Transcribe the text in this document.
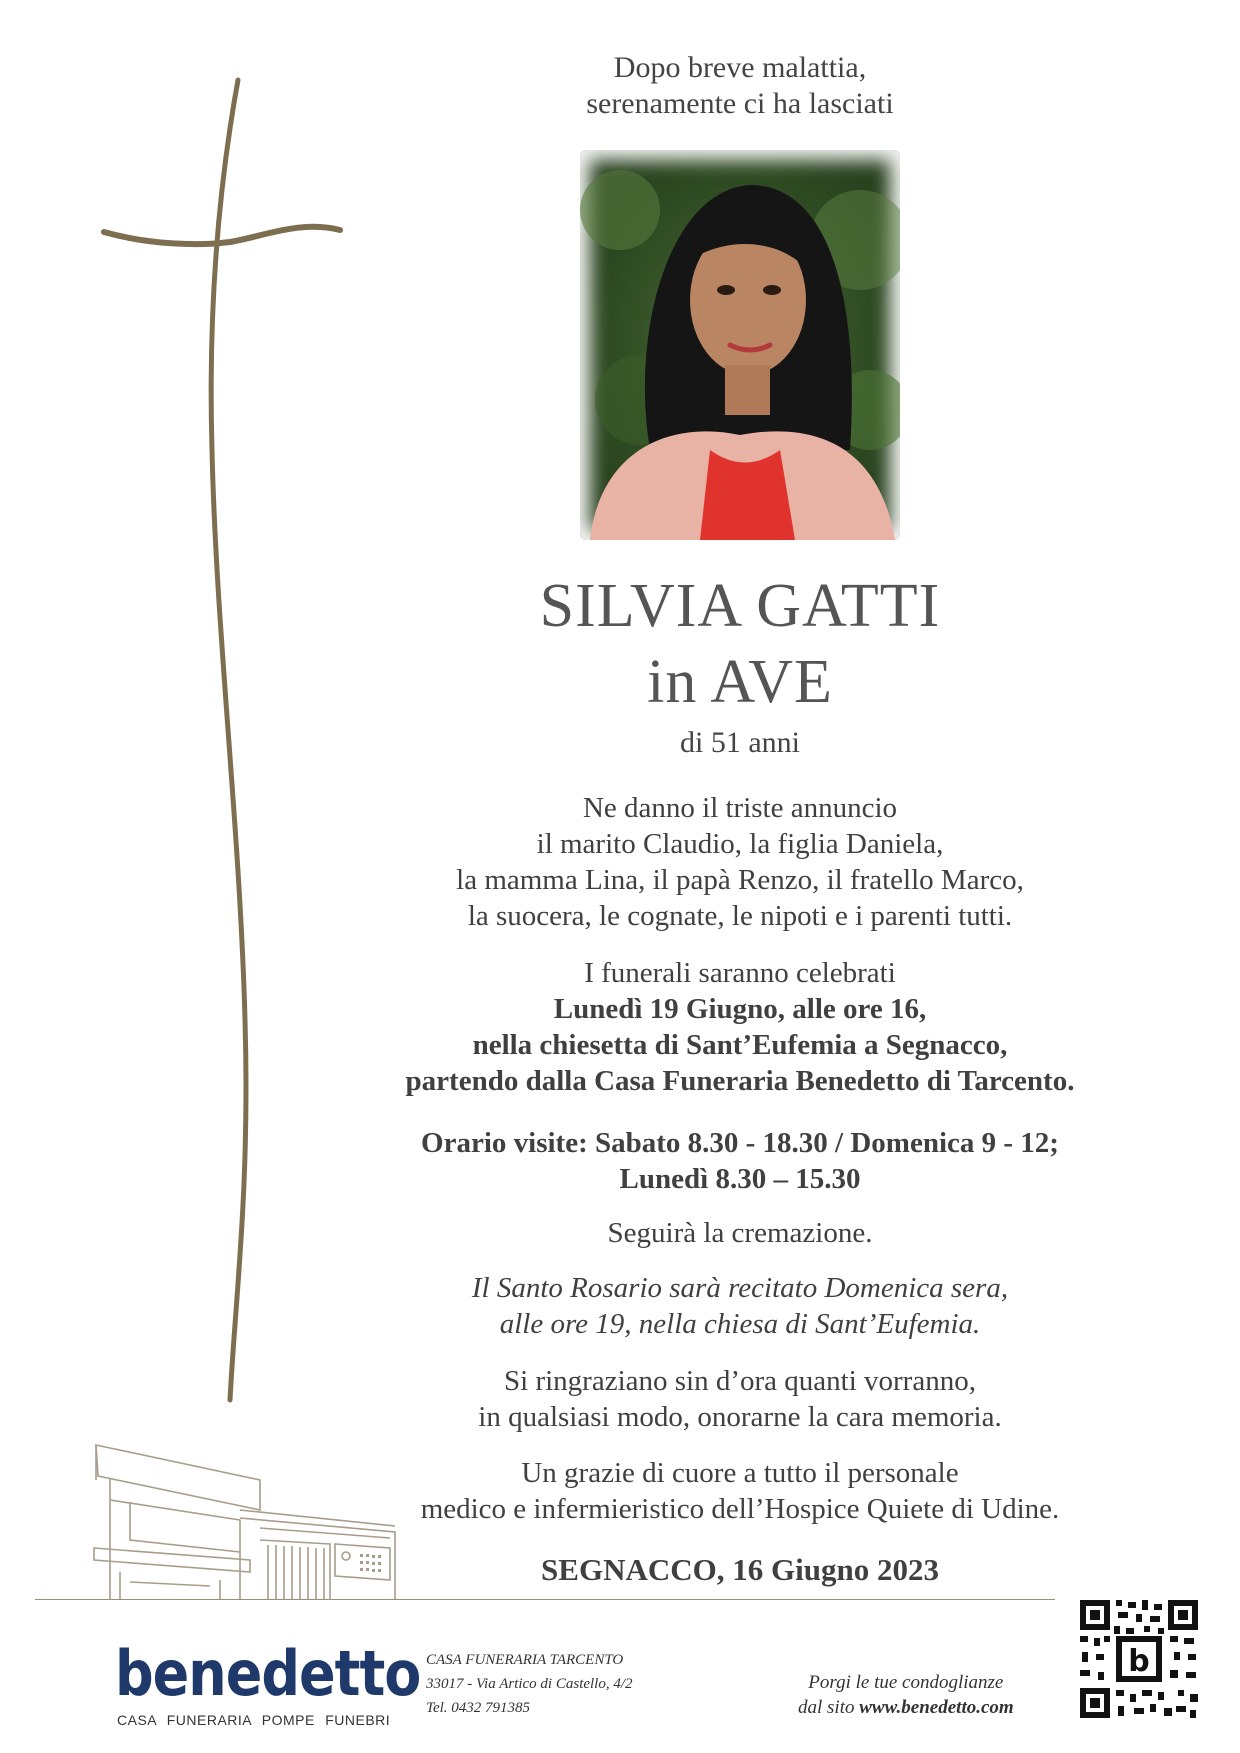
Dopo breve malattia,
serenamente ci ha lasciati
SILVIA GATTI
in AVE
di 51 anni
Ne danno il triste annuncio
il marito Claudio, la figlia Daniela,
la mamma Lina, il papà Renzo, il fratello Marco,
la suocera, le cognate, le nipoti e i parenti tutti.
I funerali saranno celebrati
Lunedì 19 Giugno, alle ore 16,
nella chiesetta di Sant’Eufemia a Segnacco,
partendo dalla Casa Funeraria Benedetto di Tarcento.
Orario visite: Sabato 8.30 - 18.30 / Domenica 9 - 12;
Lunedì 8.30 – 15.30
Seguirà la cremazione.
Il Santo Rosario sarà recitato Domenica sera,
alle ore 19, nella chiesa di Sant’Eufemia.
Si ringraziano sin d’ora quanti vorranno,
in qualsiasi modo, onorarne la cara memoria.
Un grazie di cuore a tutto il personale
medico e infermieristico dell’Hospice Quiete di Udine.
SEGNACCO, 16 Giugno 2023
benedetto
CASA FUNERARIA POMPE FUNEBRI
CASA FUNERARIA TARCENTO
33017 - Via Artico di Castello, 4/2
Tel. 0432 791385
Porgi le tue condoglianze
dal sito www.benedetto.com
b
